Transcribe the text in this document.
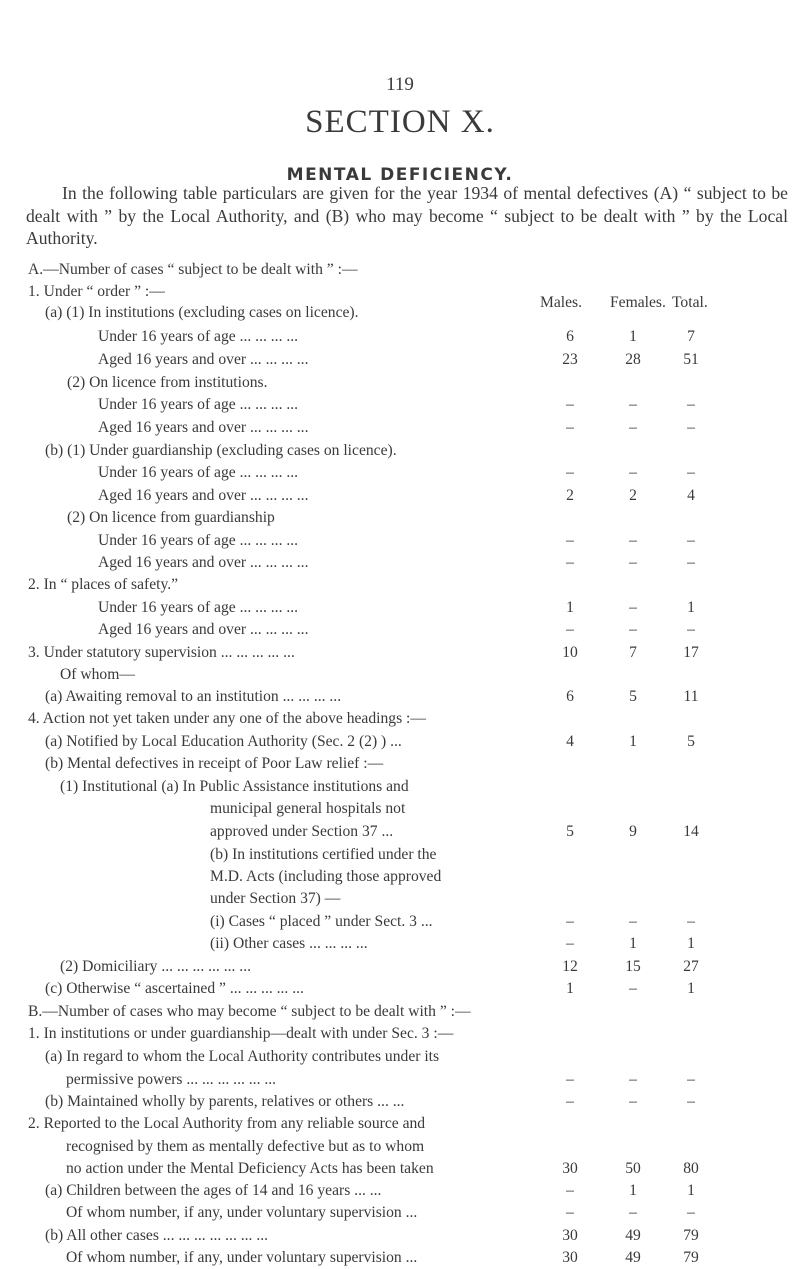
119
SECTION X.
MENTAL DEFICIENCY.

In the following table particulars are given for the year 1934 of mental defectives (A) “ subject to be dealt with ” by the Local Authority, and (B) who may become “ subject to be dealt with ” by the Local Authority.

Males. Females. Total.
A.—Number of cases “ subject to be dealt with ” :—
1. Under “ order ” :—
(a) (1) In institutions (excluding cases on licence).
Under 16 years of age ... ... ... ...	6	1	7
Aged 16 years and over ... ... ... ...	23	28	51
(2) On licence from institutions.
Under 16 years of age ... ... ... ...	–	–	–
Aged 16 years and over ... ... ... ...	–	–	–
(b) (1) Under guardianship (excluding cases on licence).
Under 16 years of age ... ... ... ...	–	–	–
Aged 16 years and over ... ... ... ...	2	2	4
(2) On licence from guardianship
Under 16 years of age ... ... ... ...	–	–	–
Aged 16 years and over ... ... ... ...	–	–	–
2. In “ places of safety.”
Under 16 years of age ... ... ... ...	1	–	1
Aged 16 years and over ... ... ... ...	–	–	–
3. Under statutory supervision ... ... ... ... ...	10	7	17
Of whom—
(a) Awaiting removal to an institution ... ... ... ...	6	5	11
4. Action not yet taken under any one of the above headings :—
(a) Notified by Local Education Authority (Sec. 2 (2) ) ...	4	1	5
(b) Mental defectives in receipt of Poor Law relief :—
(1) Institutional (a) In Public Assistance institutions and
municipal general hospitals not
approved under Section 37 ...	5	9	14
(b) In institutions certified under the
M.D. Acts (including those approved
under Section 37) —
(i) Cases “ placed ” under Sect. 3 ...	–	–	–
(ii) Other cases ... ... ... ...	–	1	1
(2) Domiciliary ... ... ... ... ... ...	12	15	27
(c) Otherwise “ ascertained ” ... ... ... ... ...	1	–	1
B.—Number of cases who may become “ subject to be dealt with ” :—
1. In institutions or under guardianship—dealt with under Sec. 3 :—
(a) In regard to whom the Local Authority contributes under its
permissive powers ... ... ... ... ... ...	–	–	–
(b) Maintained wholly by parents, relatives or others ... ...	–	–	–
2. Reported to the Local Authority from any reliable source and
recognised by them as mentally defective but as to whom
no action under the Mental Deficiency Acts has been taken	30	50	80
(a) Children between the ages of 14 and 16 years ... ...	–	1	1
Of whom number, if any, under voluntary supervision ...	–	–	–
(b) All other cases ... ... ... ... ... ... ...	30	49	79
Of whom number, if any, under voluntary supervision ...	30	49	79
